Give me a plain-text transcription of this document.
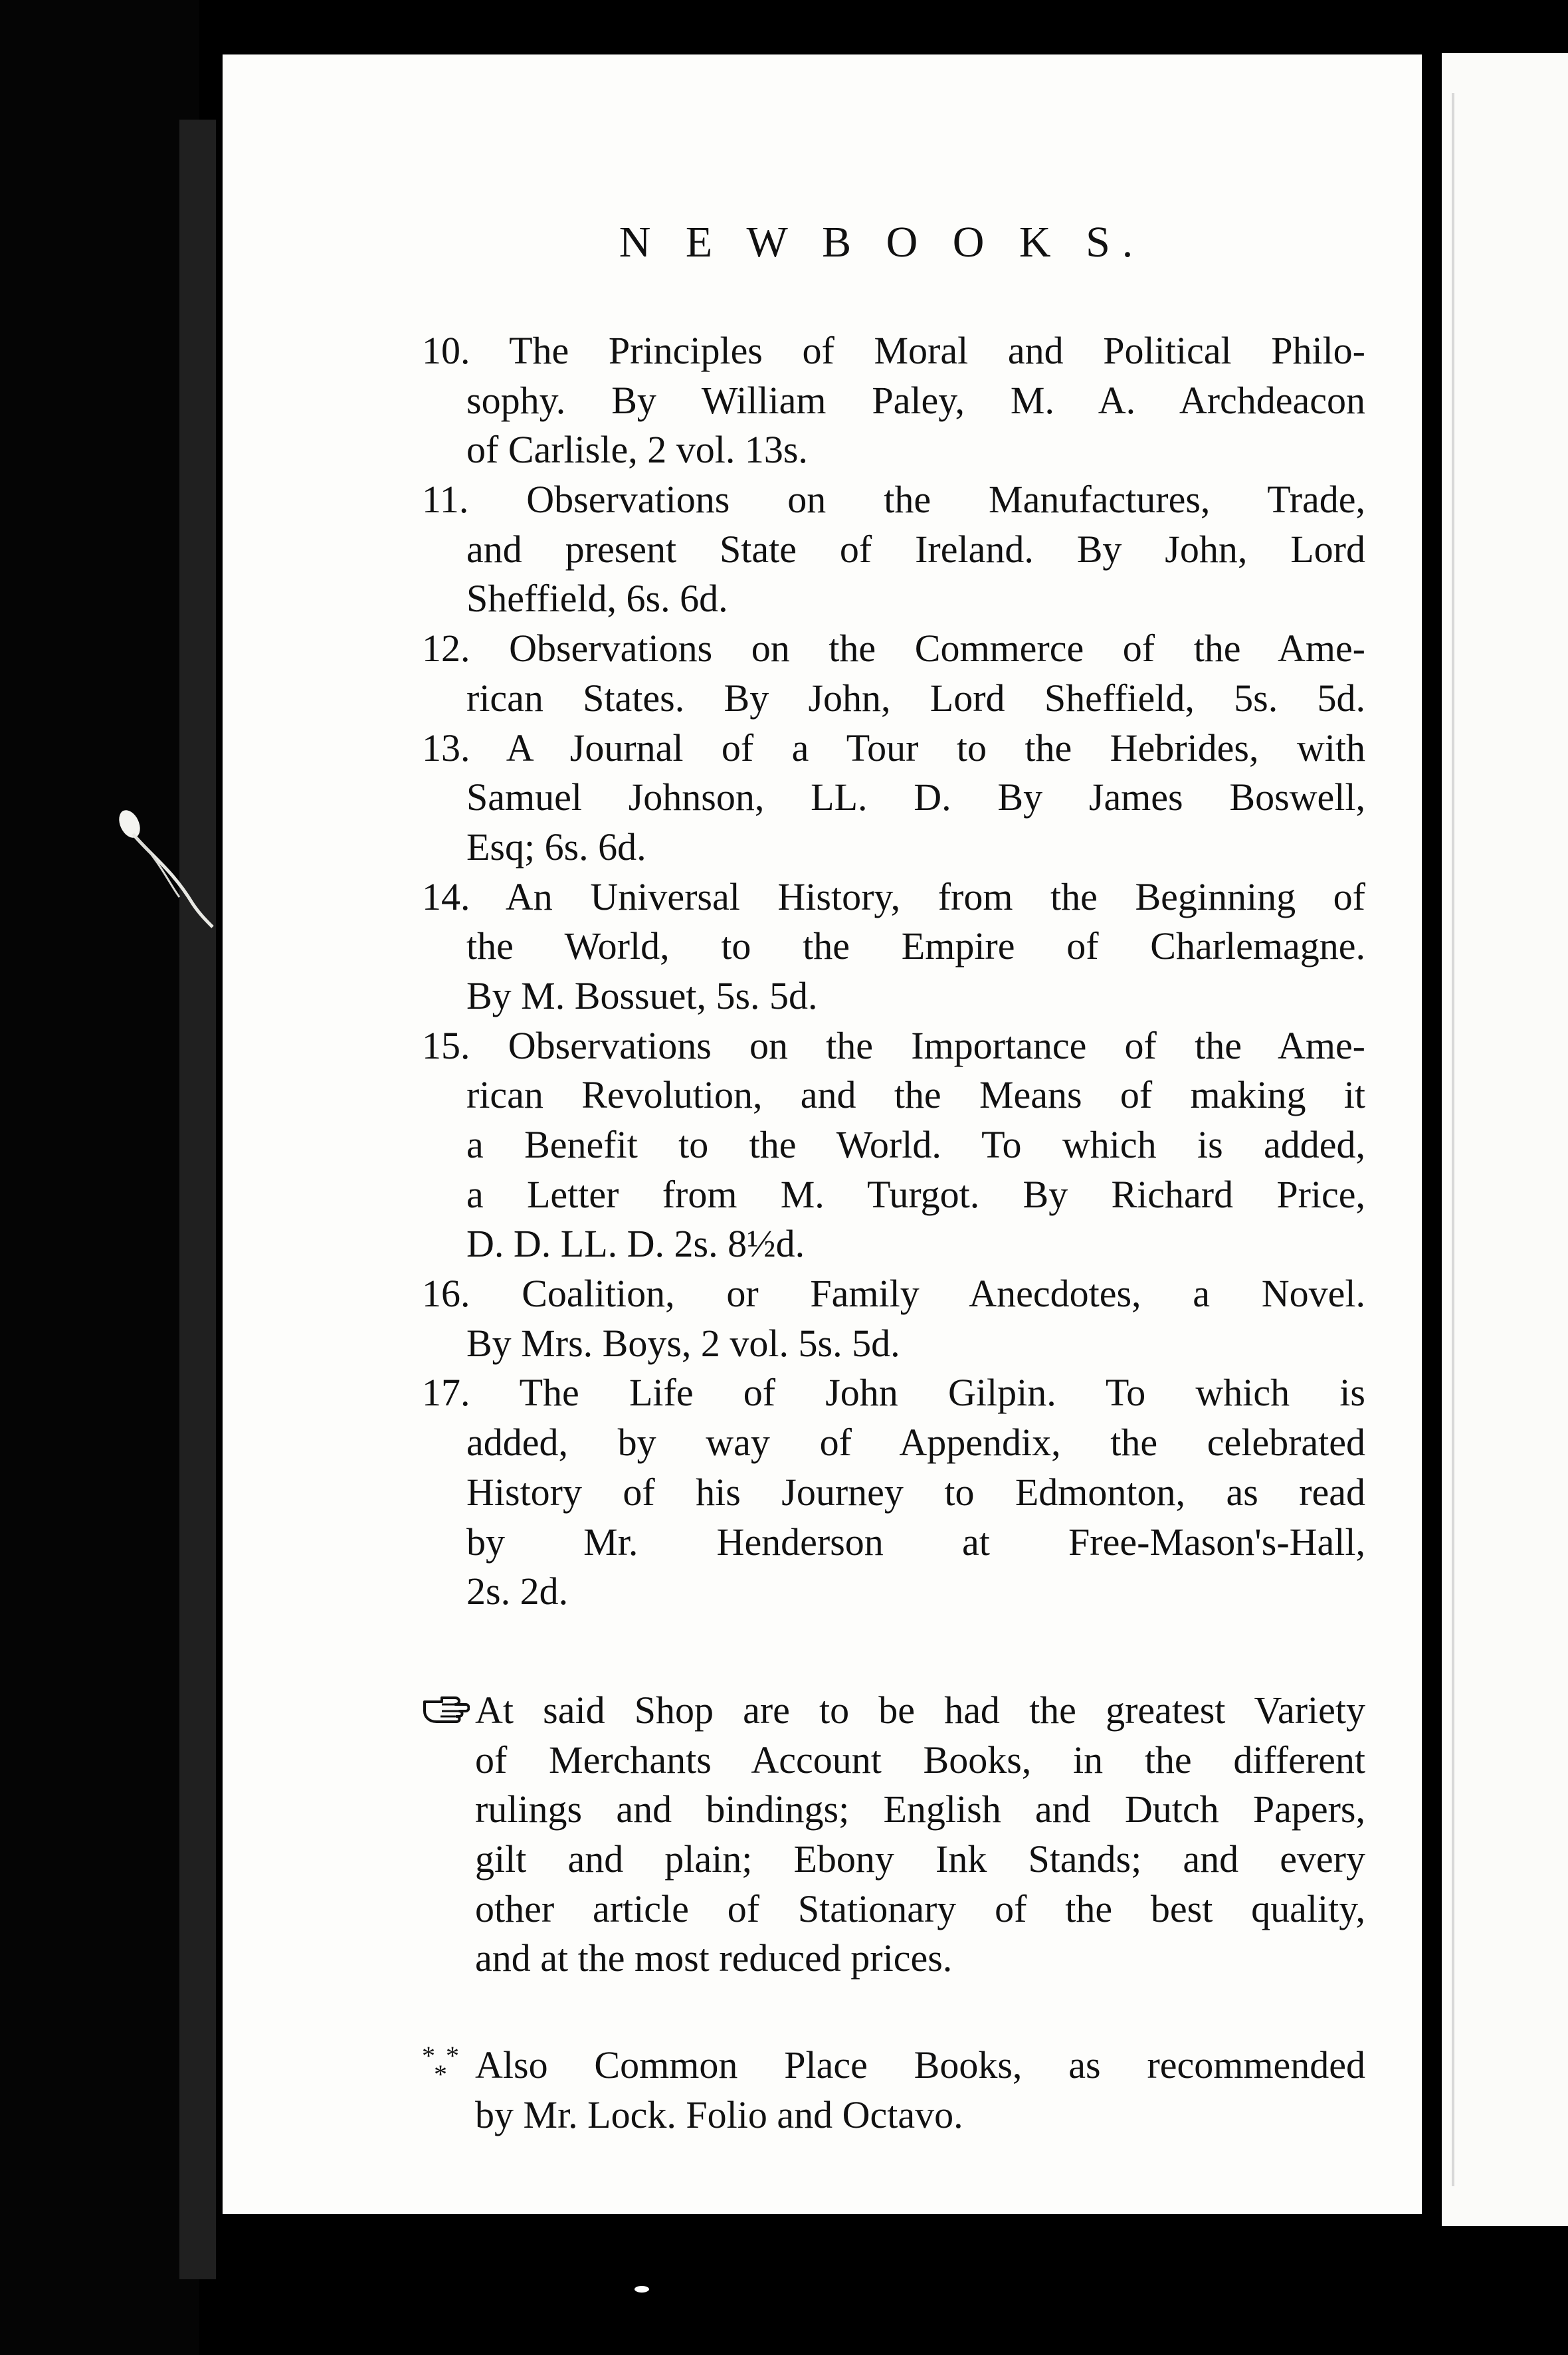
N E W B O O K S.
10. The Principles of Moral and Political Philo-
sophy. By William Paley, M. A. Archdeacon
of Carlisle, 2 vol. 13s.
11. Observations on the Manufactures, Trade,
and present State of Ireland. By John, Lord
Sheffield, 6s. 6d.
12. Observations on the Commerce of the Ame-
rican States. By John, Lord Sheffield, 5s. 5d.
13. A Journal of a Tour to the Hebrides, with
Samuel Johnson, LL. D. By James Boswell,
Esq; 6s. 6d.
14. An Universal History, from the Beginning of
the World, to the Empire of Charlemagne.
By M. Bossuet, 5s. 5d.
15. Observations on the Importance of the Ame-
rican Revolution, and the Means of making it
a Benefit to the World. To which is added,
a Letter from M. Turgot. By Richard Price,
D. D. LL. D. 2s. 8½d.
16. Coalition, or Family Anecdotes, a Novel.
By Mrs. Boys, 2 vol. 5s. 5d.
17. The Life of John Gilpin. To which is
added, by way of Appendix, the celebrated
History of his Journey to Edmonton, as read
by Mr. Henderson at Free-Mason's-Hall,
2s. 2d.
At said Shop are to be had the greatest Variety
of Merchants Account Books, in the different
rulings and bindings; English and Dutch Papers,
gilt and plain; Ebony Ink Stands; and every
other article of Stationary of the best quality,
and at the most reduced prices.
* *
* Also Common Place Books, as recommended
by Mr. Lock. Folio and Octavo.
